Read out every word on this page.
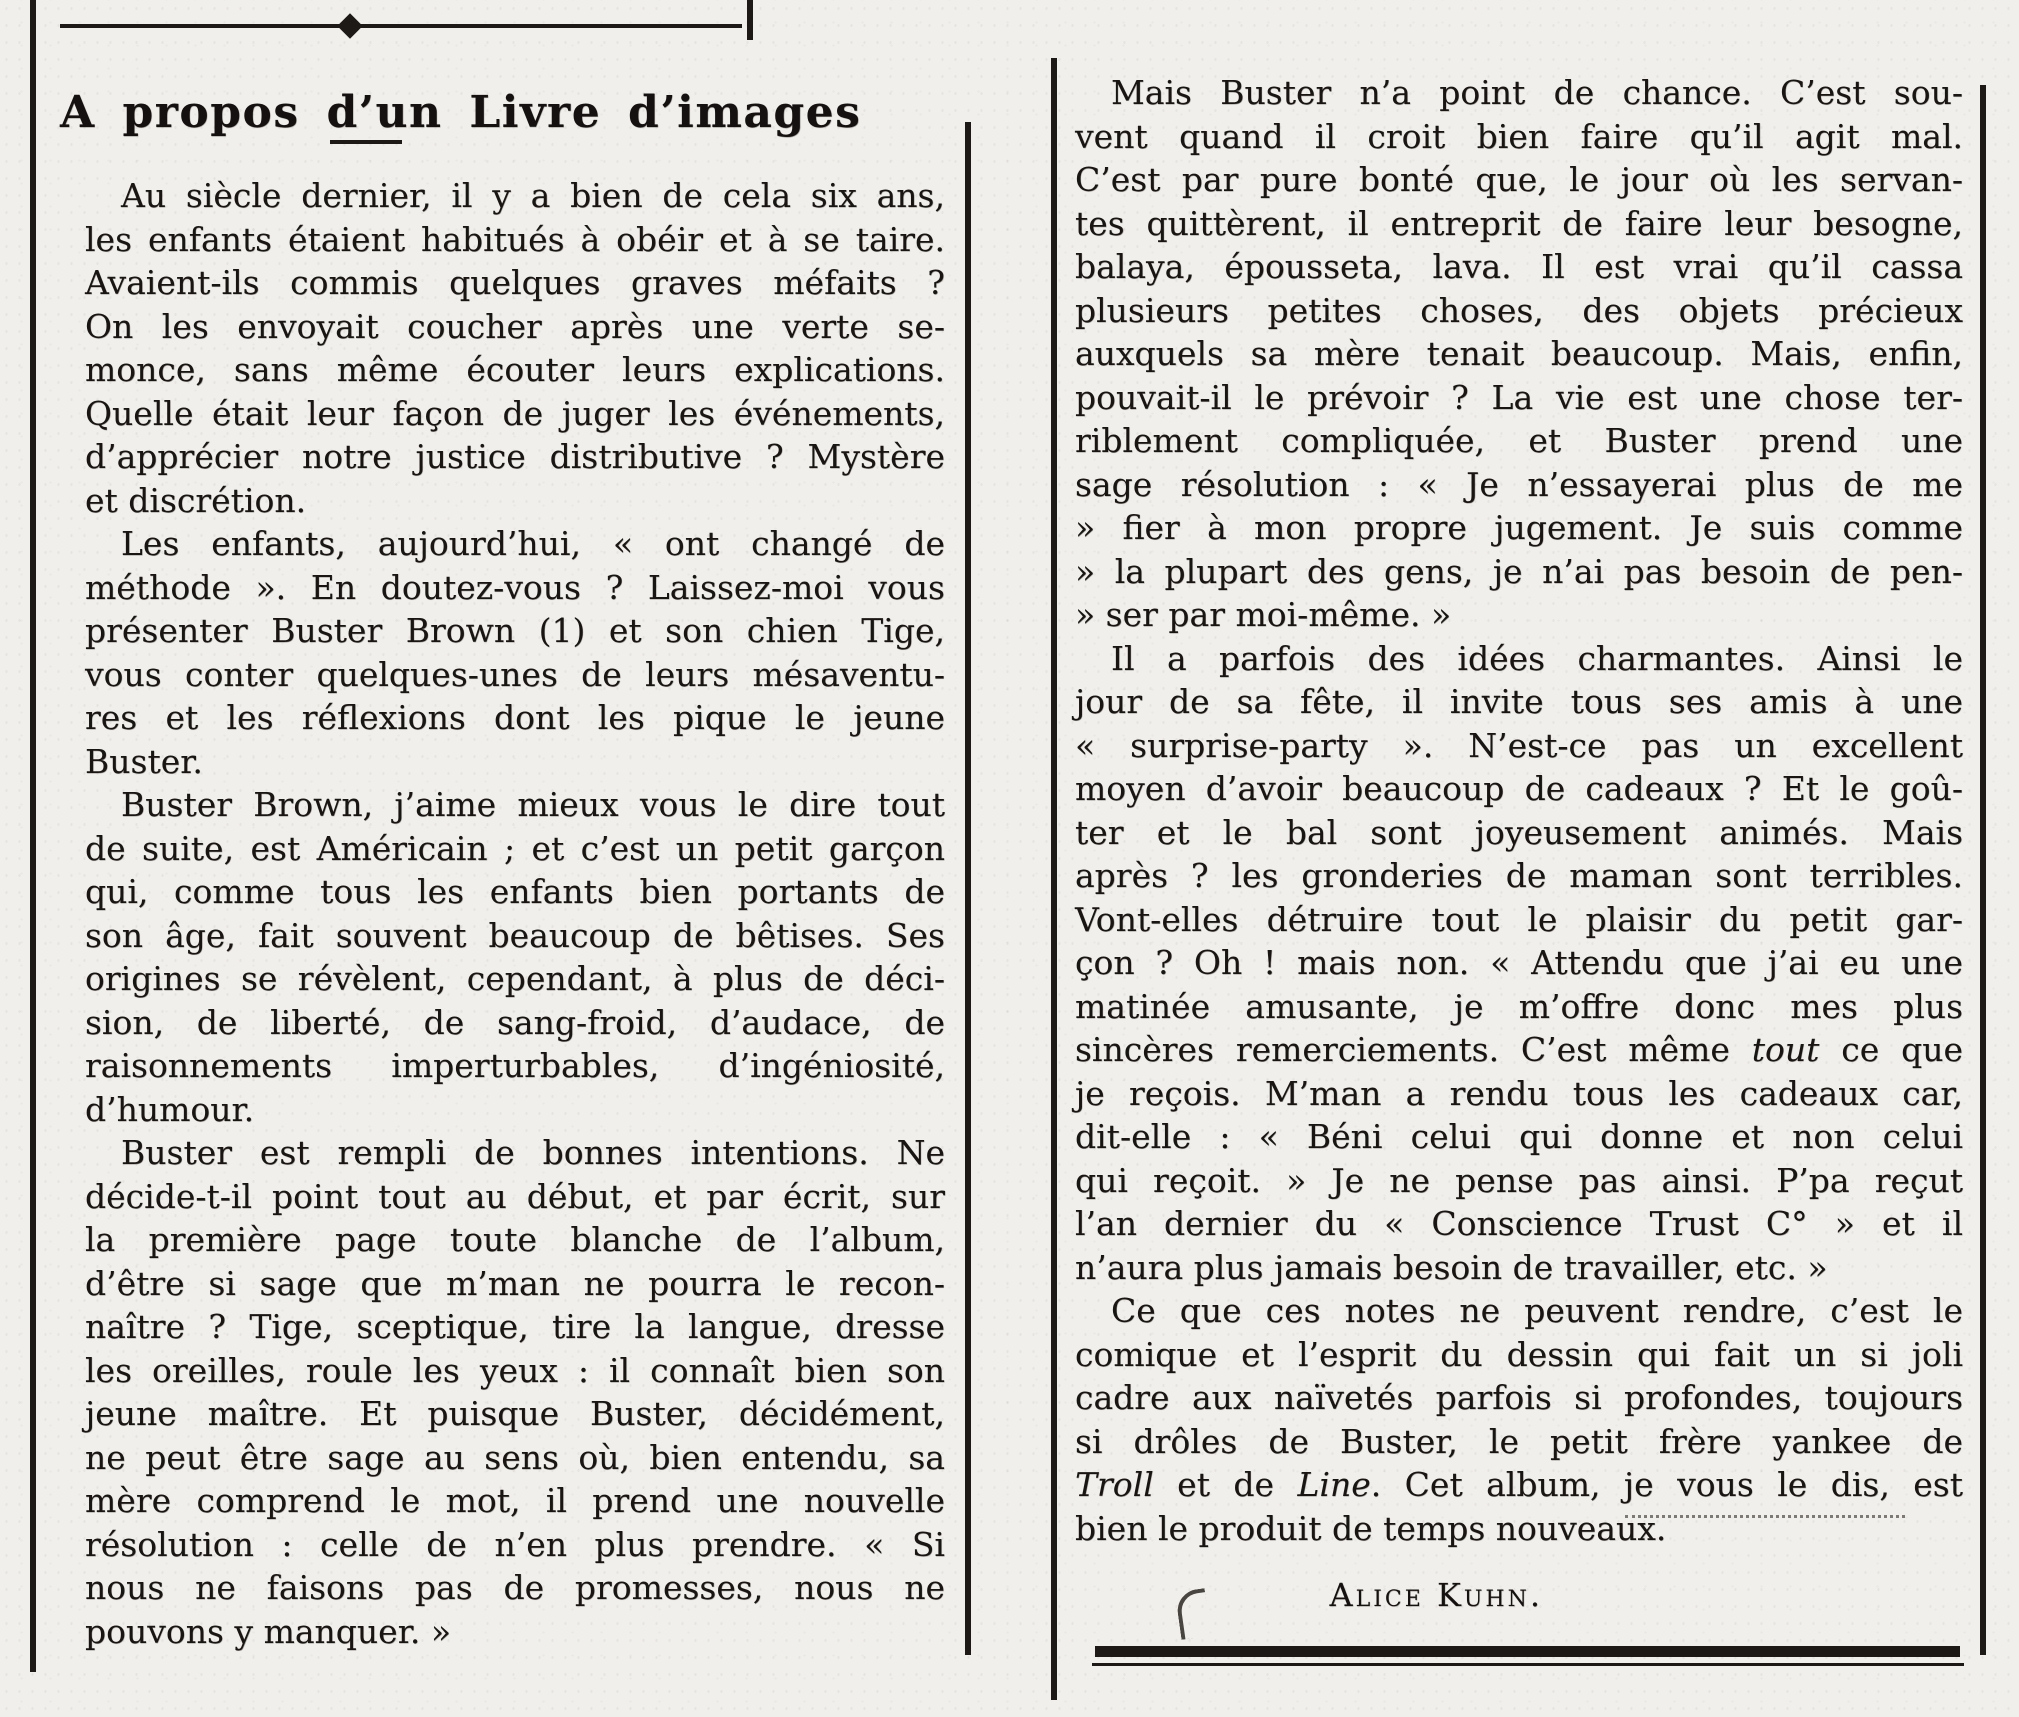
A propos d’un Livre d’images
Au siècle dernier, il y a bien de cela six ans,
les enfants étaient habitués à obéir et à se taire.
Avaient-ils commis quelques graves méfaits ?
On les envoyait coucher après une verte se-
monce, sans même écouter leurs explications.
Quelle était leur façon de juger les événements,
d’apprécier notre justice distributive ? Mystère
et discrétion.
Les enfants, aujourd’hui, « ont changé de
méthode ». En doutez-vous ? Laissez-moi vous
présenter Buster Brown (1) et son chien Tige,
vous conter quelques-unes de leurs mésaventu-
res et les réflexions dont les pique le jeune
Buster.
Buster Brown, j’aime mieux vous le dire tout
de suite, est Américain ; et c’est un petit garçon
qui, comme tous les enfants bien portants de
son âge, fait souvent beaucoup de bêtises. Ses
origines se révèlent, cependant, à plus de déci-
sion, de liberté, de sang-froid, d’audace, de
raisonnements imperturbables, d’ingéniosité,
d’humour.
Buster est rempli de bonnes intentions. Ne
décide-t-il point tout au début, et par écrit, sur
la première page toute blanche de l’album,
d’être si sage que m’man ne pourra le recon-
naître ? Tige, sceptique, tire la langue, dresse
les oreilles, roule les yeux : il connaît bien son
jeune maître. Et puisque Buster, décidément,
ne peut être sage au sens où, bien entendu, sa
mère comprend le mot, il prend une nouvelle
résolution : celle de n’en plus prendre. « Si
nous ne faisons pas de promesses, nous ne
pouvons y manquer. »
Mais Buster n’a point de chance. C’est sou-
vent quand il croit bien faire qu’il agit mal.
C’est par pure bonté que, le jour où les servan-
tes quittèrent, il entreprit de faire leur besogne,
balaya, épousseta, lava. Il est vrai qu’il cassa
plusieurs petites choses, des objets précieux
auxquels sa mère tenait beaucoup. Mais, enfin,
pouvait-il le prévoir ? La vie est une chose ter-
riblement compliquée, et Buster prend une
sage résolution : « Je n’essayerai plus de me
» fier à mon propre jugement. Je suis comme
» la plupart des gens, je n’ai pas besoin de pen-
» ser par moi-même. »
Il a parfois des idées charmantes. Ainsi le
jour de sa fête, il invite tous ses amis à une
« surprise-party ». N’est-ce pas un excellent
moyen d’avoir beaucoup de cadeaux ? Et le goû-
ter et le bal sont joyeusement animés. Mais
après ? les gronderies de maman sont terribles.
Vont-elles détruire tout le plaisir du petit gar-
çon ? Oh ! mais non. « Attendu que j’ai eu une
matinée amusante, je m’offre donc mes plus
sincères remerciements. C’est même tout ce que
je reçois. M’man a rendu tous les cadeaux car,
dit-elle : « Béni celui qui donne et non celui
qui reçoit. » Je ne pense pas ainsi. P’pa reçut
l’an dernier du « Conscience Trust C° » et il
n’aura plus jamais besoin de travailler, etc. »
Ce que ces notes ne peuvent rendre, c’est le
comique et l’esprit du dessin qui fait un si joli
cadre aux naïvetés parfois si profondes, toujours
si drôles de Buster, le petit frère yankee de
Troll et de Line. Cet album, je vous le dis, est
bien le produit de temps nouveaux.
Alice Kuhn.
